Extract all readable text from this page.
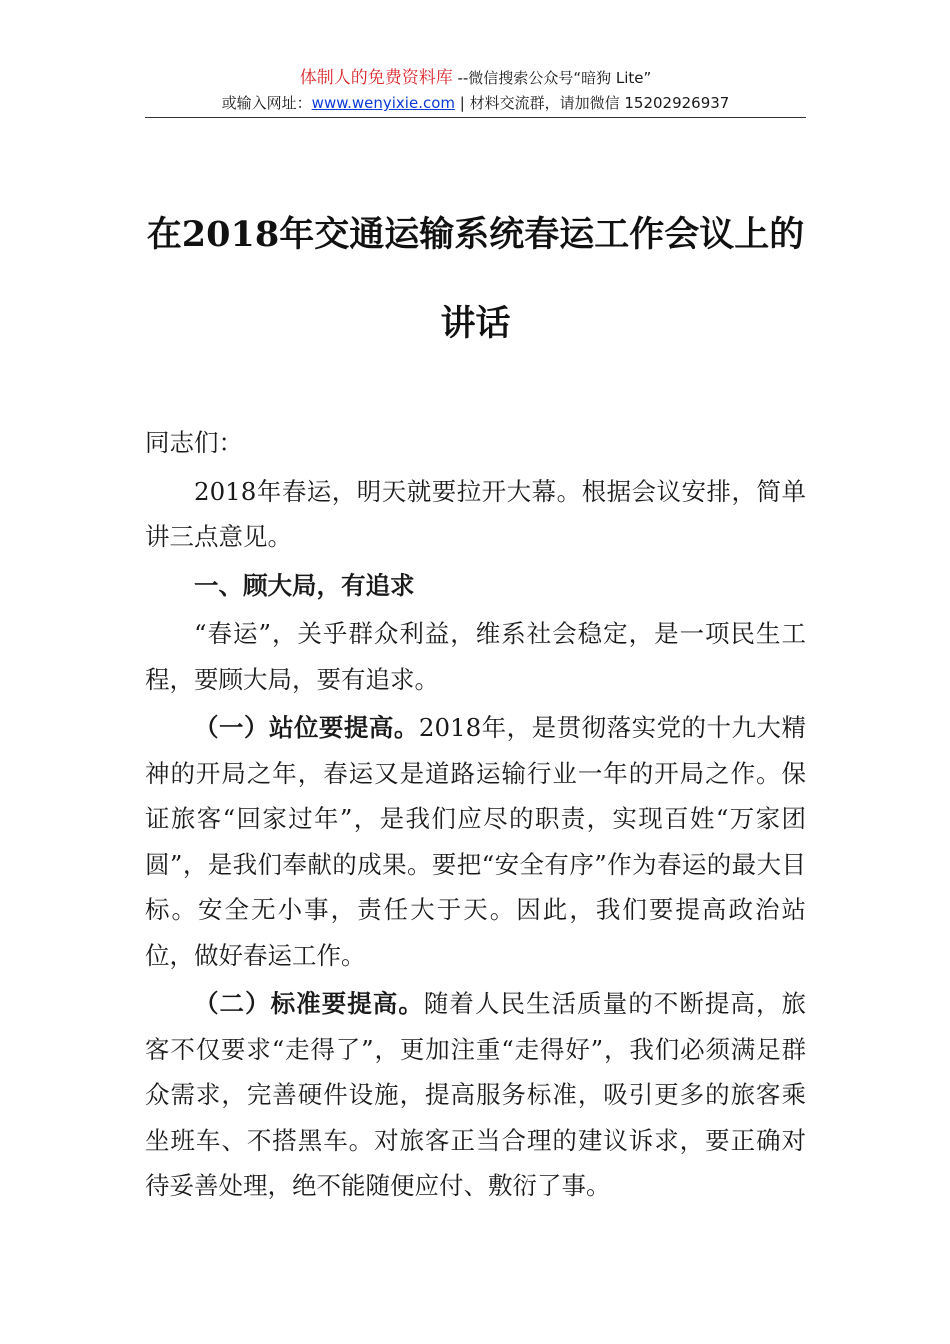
体制人的免费资料库 --微信搜索公众号“暗狗 Lite”
或输入网址：www.wenyixie.com | 材料交流群，请加微信 15202926937
在2018年交通运输系统春运工作会议上的
讲话

同志们：

2018年春运，明天就要拉开大幕。根据会议安排，简单讲三点意见。

一、顾大局，有追求

“春运”，关乎群众利益，维系社会稳定，是一项民生工程，要顾大局，要有追求。

（一）站位要提高。2018年，是贯彻落实党的十九大精神的开局之年，春运又是道路运输行业一年的开局之作。保证旅客“回家过年”，是我们应尽的职责，实现百姓“万家团圆”，是我们奉献的成果。要把“安全有序”作为春运的最大目标。安全无小事，责任大于天。因此，我们要提高政治站位，做好春运工作。

（二）标准要提高。随着人民生活质量的不断提高，旅客不仅要求“走得了”，更加注重“走得好”，我们必须满足群众需求，完善硬件设施，提高服务标准，吸引更多的旅客乘坐班车、不搭黑车。对旅客正当合理的建议诉求，要正确对待妥善处理，绝不能随便应付、敷衍了事。
